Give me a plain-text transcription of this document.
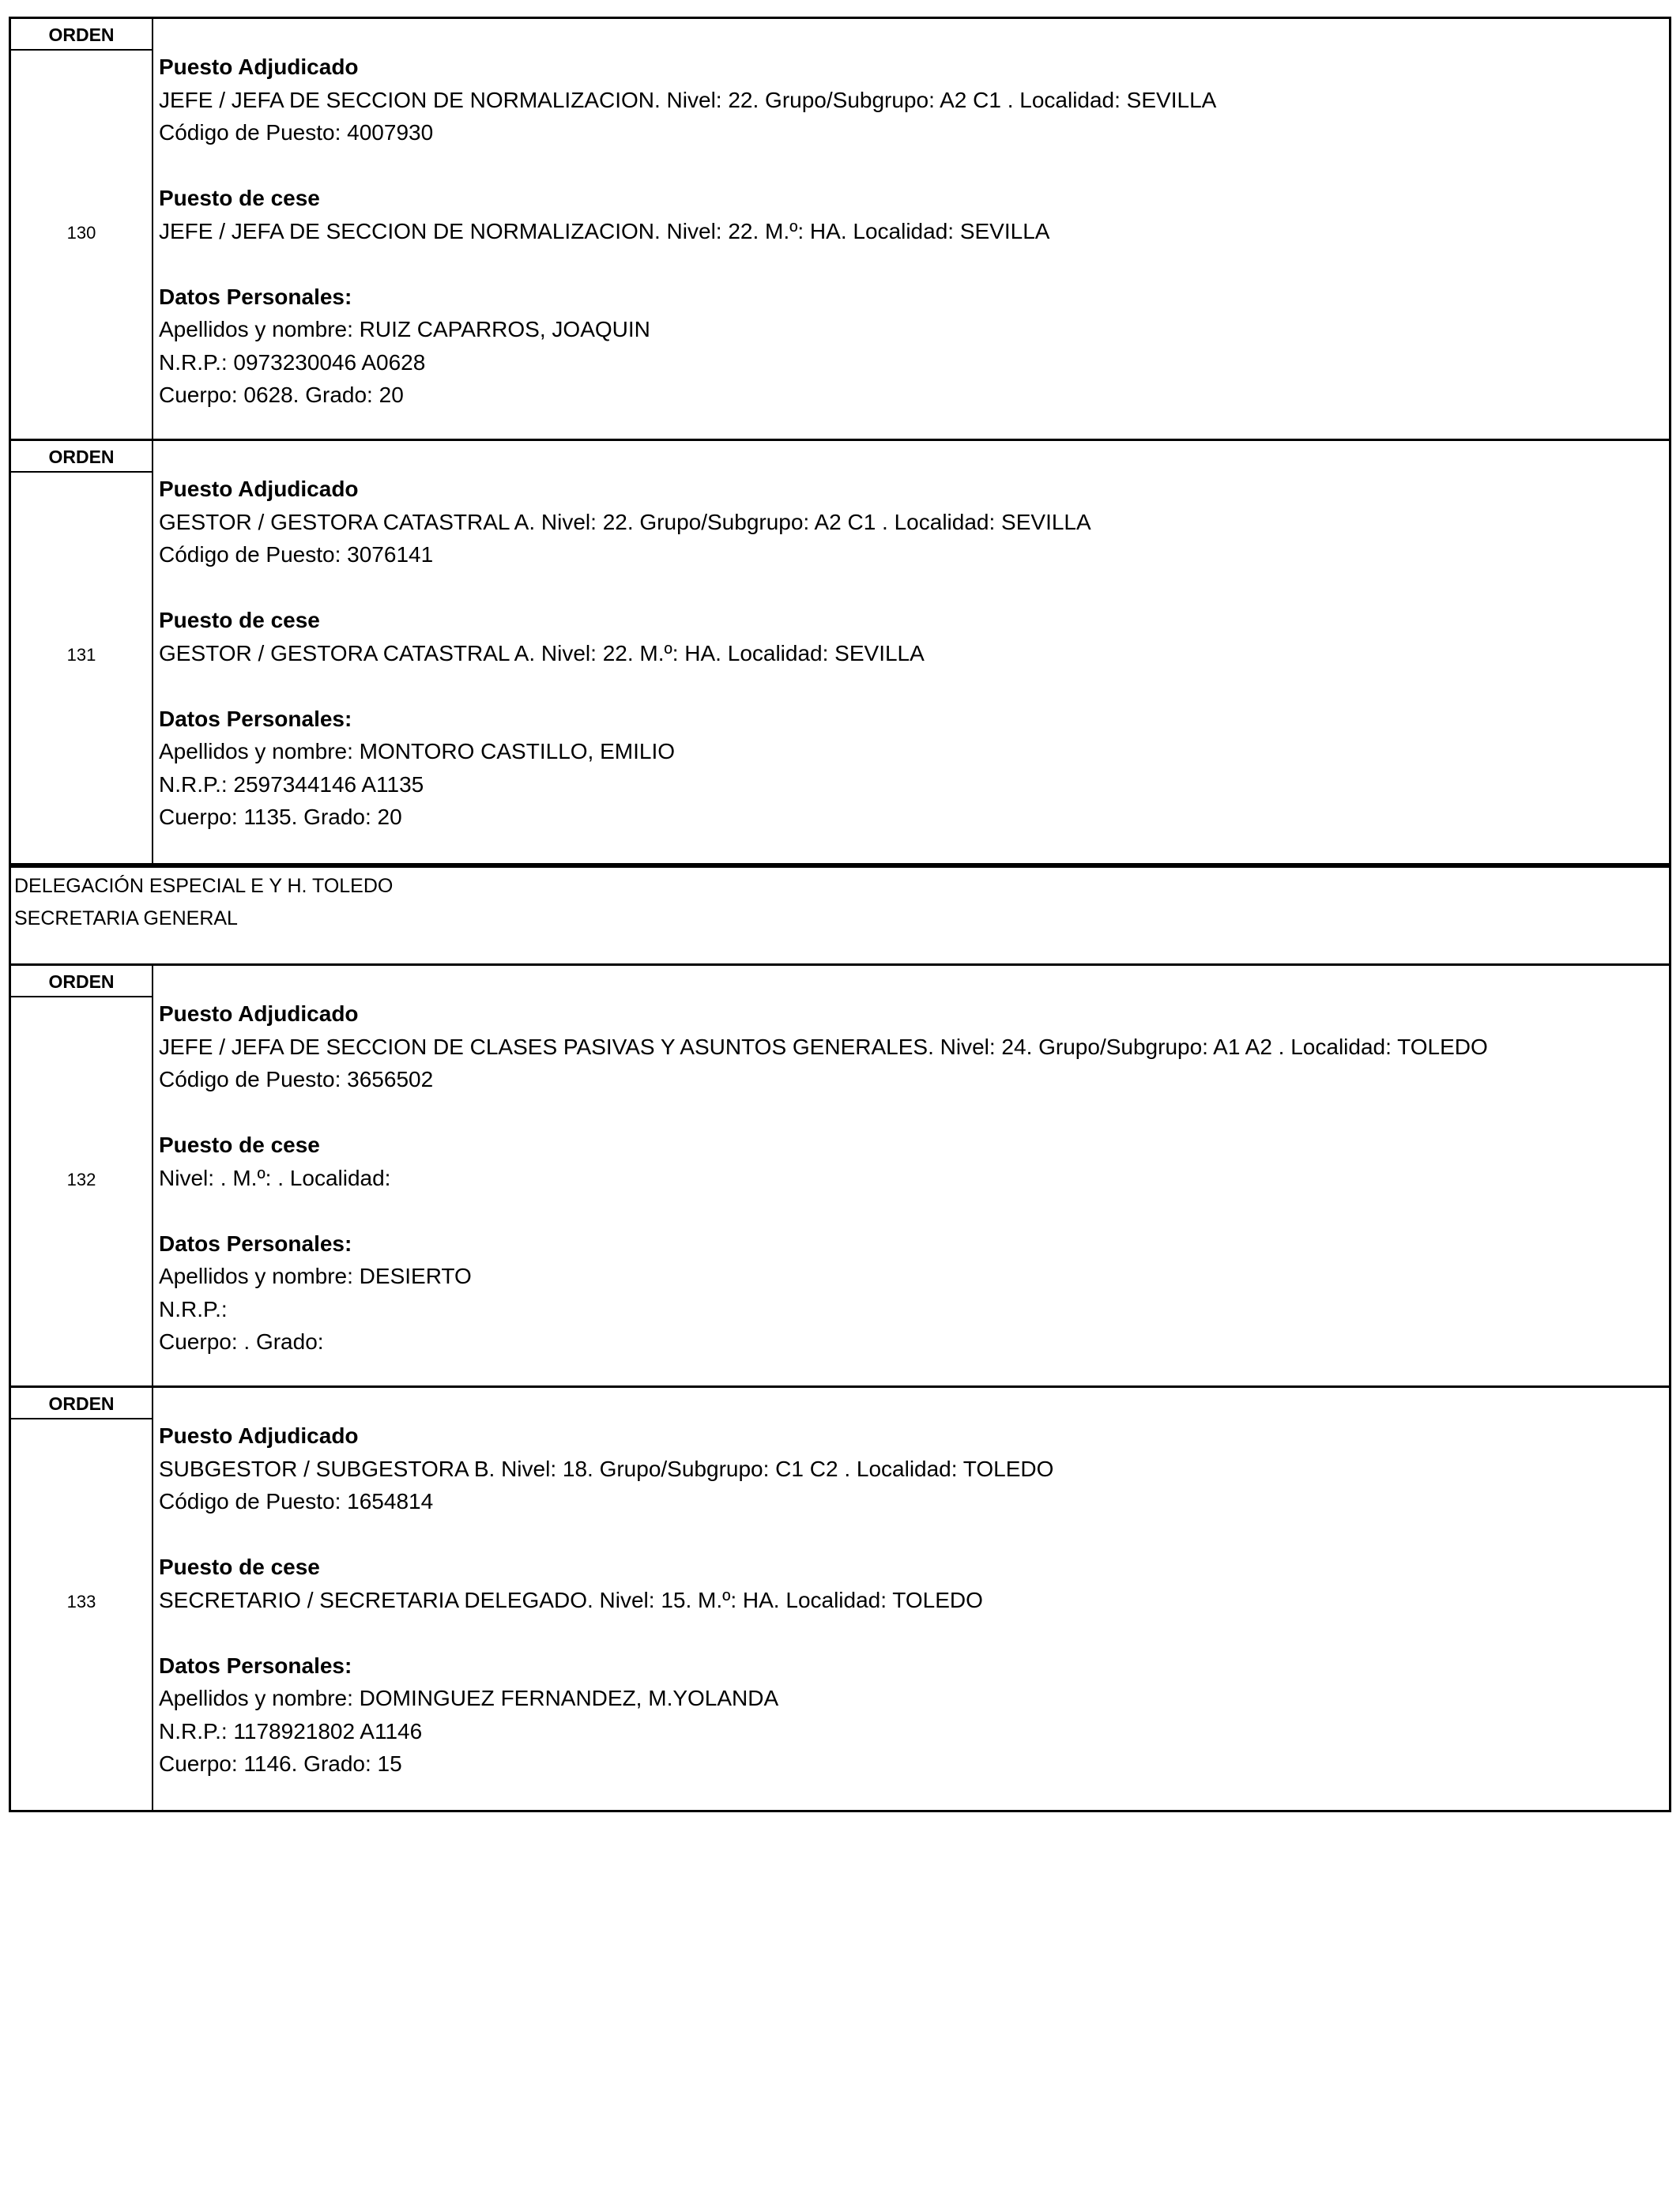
ORDEN
130
Puesto Adjudicado
JEFE / JEFA DE SECCION DE NORMALIZACION. Nivel: 22. Grupo/Subgrupo: A2 C1 . Localidad: SEVILLA
Código de Puesto: 4007930
Puesto de cese
JEFE / JEFA DE SECCION DE NORMALIZACION. Nivel: 22. M.º: HA. Localidad: SEVILLA
Datos Personales:
Apellidos y nombre: RUIZ CAPARROS, JOAQUIN
N.R.P.: 0973230046 A0628
Cuerpo: 0628. Grado: 20
ORDEN
131
Puesto Adjudicado
GESTOR / GESTORA CATASTRAL A. Nivel: 22. Grupo/Subgrupo: A2 C1 . Localidad: SEVILLA
Código de Puesto: 3076141
Puesto de cese
GESTOR / GESTORA CATASTRAL A. Nivel: 22. M.º: HA. Localidad: SEVILLA
Datos Personales:
Apellidos y nombre: MONTORO CASTILLO, EMILIO
N.R.P.: 2597344146 A1135
Cuerpo: 1135. Grado: 20
DELEGACIÓN ESPECIAL E Y H. TOLEDO
SECRETARIA GENERAL
ORDEN
132
Puesto Adjudicado
JEFE / JEFA DE SECCION DE CLASES PASIVAS Y ASUNTOS GENERALES. Nivel: 24. Grupo/Subgrupo: A1 A2 . Localidad: TOLEDO
Código de Puesto: 3656502
Puesto de cese
Nivel: . M.º: . Localidad:
Datos Personales:
Apellidos y nombre: DESIERTO
N.R.P.:
Cuerpo: . Grado:
ORDEN
133
Puesto Adjudicado
SUBGESTOR / SUBGESTORA B. Nivel: 18. Grupo/Subgrupo: C1 C2 . Localidad: TOLEDO
Código de Puesto: 1654814
Puesto de cese
SECRETARIO / SECRETARIA DELEGADO. Nivel: 15. M.º: HA. Localidad: TOLEDO
Datos Personales:
Apellidos y nombre: DOMINGUEZ FERNANDEZ, M.YOLANDA
N.R.P.: 1178921802 A1146
Cuerpo: 1146. Grado: 15
